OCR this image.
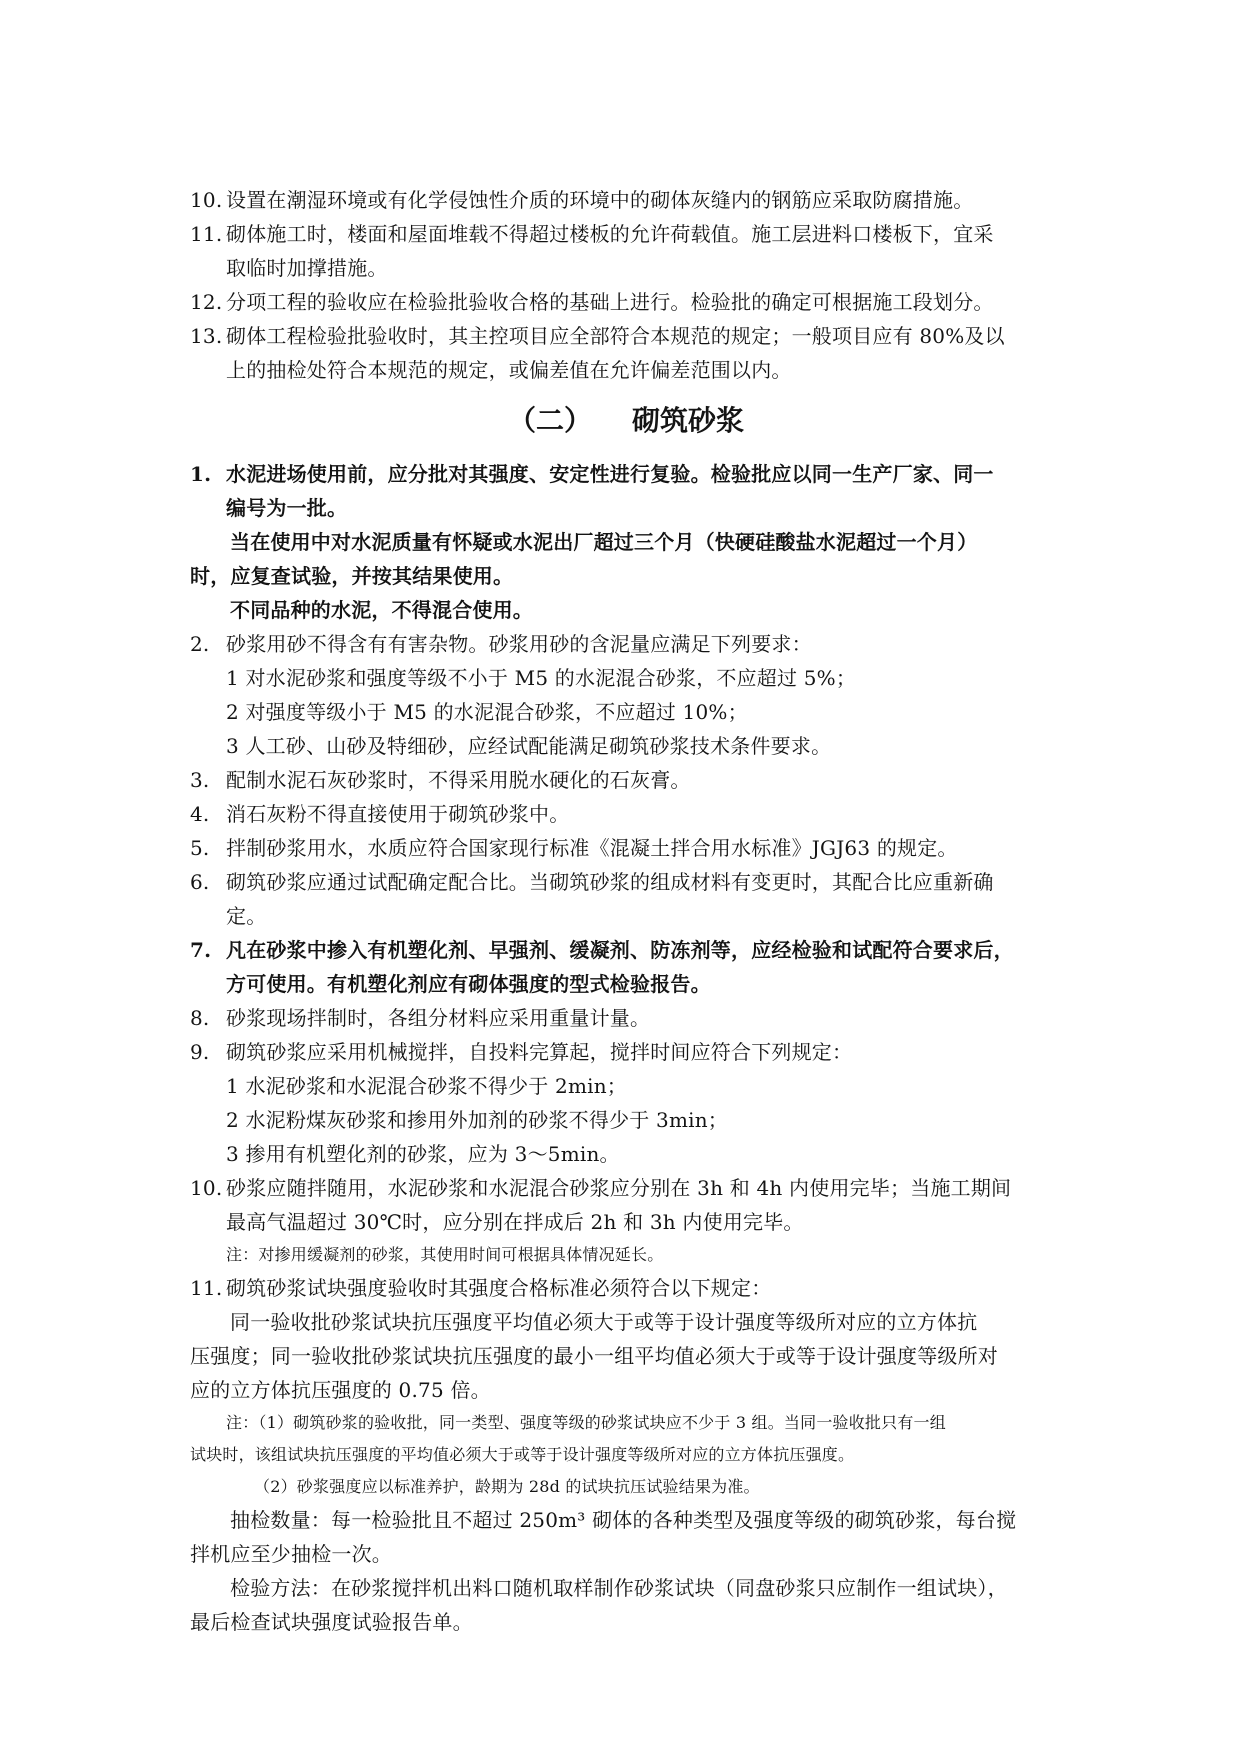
10. 设置在潮湿环境或有化学侵蚀性介质的环境中的砌体灰缝内的钢筋应采取防腐措施。
11. 砌体施工时，楼面和屋面堆载不得超过楼板的允许荷载值。施工层进料口楼板下，宜采
取临时加撑措施。
12. 分项工程的验收应在检验批验收合格的基础上进行。检验批的确定可根据施工段划分。
13. 砌体工程检验批验收时，其主控项目应全部符合本规范的规定；一般项目应有 80%及以
上的抽检处符合本规范的规定，或偏差值在允许偏差范围以内。
（二） 砌筑砂浆
1. 水泥进场使用前，应分批对其强度、安定性进行复验。检验批应以同一生产厂家、同一
编号为一批。
当在使用中对水泥质量有怀疑或水泥出厂超过三个月（快硬硅酸盐水泥超过一个月）
时，应复查试验，并按其结果使用。
不同品种的水泥，不得混合使用。
2. 砂浆用砂不得含有有害杂物。砂浆用砂的含泥量应满足下列要求：
1 对水泥砂浆和强度等级不小于 M5 的水泥混合砂浆，不应超过 5%；
2 对强度等级小于 M5 的水泥混合砂浆，不应超过 10%；
3 人工砂、山砂及特细砂，应经试配能满足砌筑砂浆技术条件要求。
3. 配制水泥石灰砂浆时，不得采用脱水硬化的石灰膏。
4. 消石灰粉不得直接使用于砌筑砂浆中。
5. 拌制砂浆用水，水质应符合国家现行标准《混凝土拌合用水标准》JGJ63 的规定。
6. 砌筑砂浆应通过试配确定配合比。当砌筑砂浆的组成材料有变更时，其配合比应重新确
定。
7. 凡在砂浆中掺入有机塑化剂、早强剂、缓凝剂、防冻剂等，应经检验和试配符合要求后，
方可使用。有机塑化剂应有砌体强度的型式检验报告。
8. 砂浆现场拌制时，各组分材料应采用重量计量。
9. 砌筑砂浆应采用机械搅拌，自投料完算起，搅拌时间应符合下列规定：
1 水泥砂浆和水泥混合砂浆不得少于 2min；
2 水泥粉煤灰砂浆和掺用外加剂的砂浆不得少于 3min；
3 掺用有机塑化剂的砂浆，应为 3～5min。
10. 砂浆应随拌随用，水泥砂浆和水泥混合砂浆应分别在 3h 和 4h 内使用完毕；当施工期间
最高气温超过 30℃时，应分别在拌成后 2h 和 3h 内使用完毕。
注：对掺用缓凝剂的砂浆，其使用时间可根据具体情况延长。
11. 砌筑砂浆试块强度验收时其强度合格标准必须符合以下规定：
同一验收批砂浆试块抗压强度平均值必须大于或等于设计强度等级所对应的立方体抗
压强度；同一验收批砂浆试块抗压强度的最小一组平均值必须大于或等于设计强度等级所对
应的立方体抗压强度的 0.75 倍。
注：（1）砌筑砂浆的验收批，同一类型、强度等级的砂浆试块应不少于 3 组。当同一验收批只有一组
试块时，该组试块抗压强度的平均值必须大于或等于设计强度等级所对应的立方体抗压强度。
（2）砂浆强度应以标准养护，龄期为 28d 的试块抗压试验结果为准。
抽检数量：每一检验批且不超过 250m³ 砌体的各种类型及强度等级的砌筑砂浆，每台搅
拌机应至少抽检一次。
检验方法：在砂浆搅拌机出料口随机取样制作砂浆试块（同盘砂浆只应制作一组试块），
最后检查试块强度试验报告单。
